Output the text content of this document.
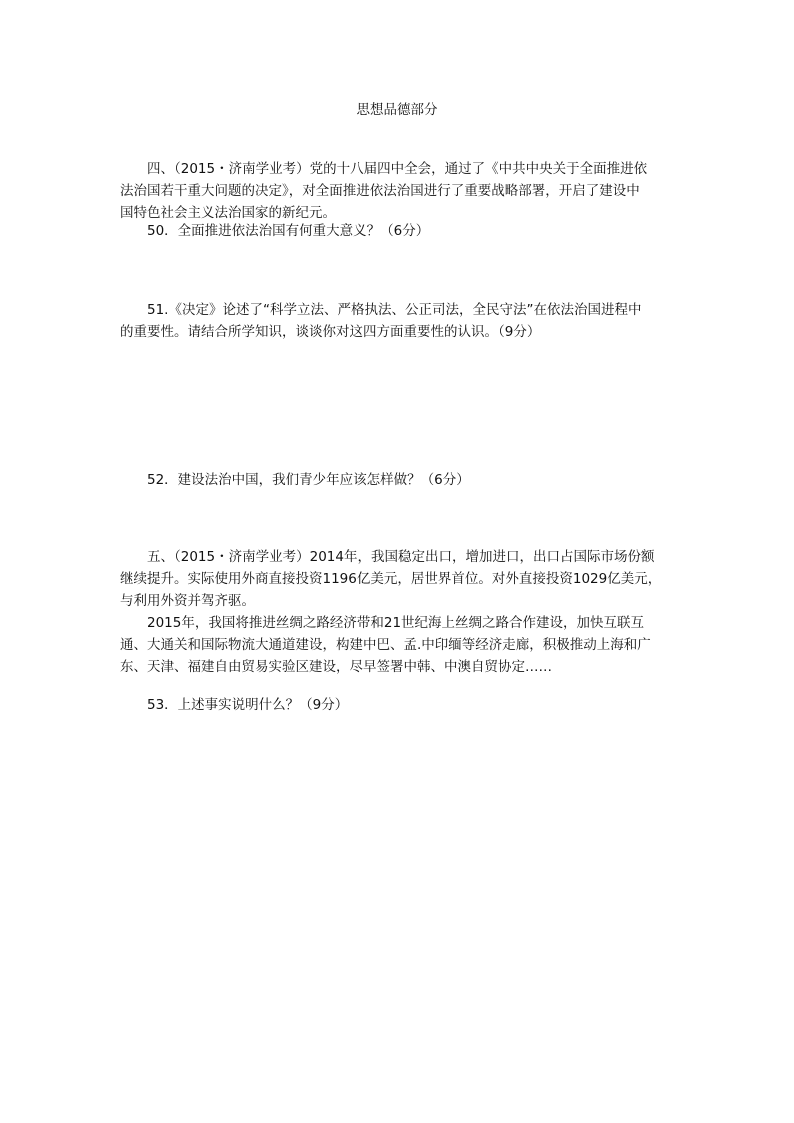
思想品德部分
四、（2015・济南学业考）党的十八届四中全会，通过了《中共中央关于全面推进依
法治国若干重大问题的决定》，对全面推进依法治国进行了重要战略部署，开启了建设中
国特色社会主义法治国家的新纪元。
50．全面推进依法治国有何重大意义？（6分）
51.《决定》论述了“科学立法、严格执法、公正司法，全民守法”在依法治国进程中
的重要性。请结合所学知识，谈谈你对这四方面重要性的认识。（9分）
52．建设法治中国，我们青少年应该怎样做？（6分）
五、（2015・济南学业考）2014年，我国稳定出口，增加进口，出口占国际市场份额
继续提升。实际使用外商直接投资1196亿美元，居世界首位。对外直接投资1029亿美元，
与利用外资并驾齐驱。
2015年，我国将推进丝绸之路经济带和21世纪海上丝绸之路合作建设，加快互联互
通、大通关和国际物流大通道建设，构建中巴、孟.中印缅等经济走廊，积极推动上海和广
东、天津、福建自由贸易实验区建设，尽早签署中韩、中澳自贸协定……
53．上述事实说明什么？（9分）
